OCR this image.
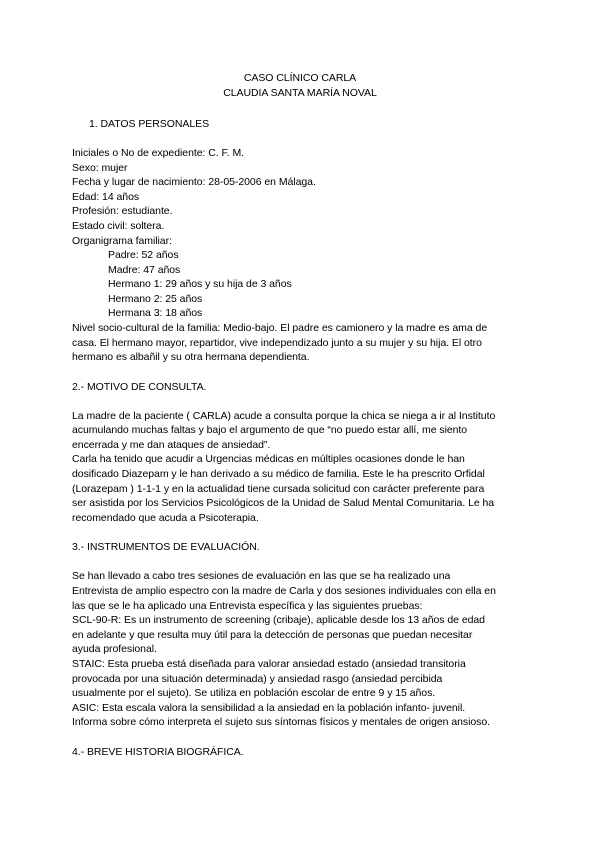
CASO CLÍNICO CARLA
CLAUDIA SANTA MARÍA NOVAL
1. DATOS PERSONALES
Iniciales o No de expediente: C. F. M.
Sexo: mujer
Fecha y lugar de nacimiento: 28-05-2006 en Málaga.
Edad: 14 años
Profesión: estudiante.
Estado civil: soltera.
Organigrama familiar:
Padre: 52 años
Madre: 47 años
Hermano 1: 29 años y su hija de 3 años
Hermano 2: 25 años
Hermana 3: 18 años
Nivel socio-cultural de la familia: Medio-bajo. El padre es camionero y la madre es ama de
casa. El hermano mayor, repartidor, vive independizado junto a su mujer y su hija. El otro
hermano es albañil y su otra hermana dependienta.
2.- MOTIVO DE CONSULTA.
La madre de la paciente ( CARLA) acude a consulta porque la chica se niega a ir al Instituto
acumulando muchas faltas y bajo el argumento de que “no puedo estar allí, me siento
encerrada y me dan ataques de ansiedad”.
Carla ha tenido que acudir a Urgencias médicas en múltiples ocasiones donde le han
dosificado Diazepam y le han derivado a su médico de familia. Este le ha prescrito Orfidal
(Lorazepam ) 1-1-1 y en la actualidad tiene cursada solicitud con carácter preferente para
ser asistida por los Servicios Psicológicos de la Unidad de Salud Mental Comunitaria. Le ha
recomendado que acuda a Psicoterapia.
3.- INSTRUMENTOS DE EVALUACIÓN.
Se han llevado a cabo tres sesiones de evaluación en las que se ha realizado una
Entrevista de amplio espectro con la madre de Carla y dos sesiones individuales con ella en
las que se le ha aplicado una Entrevista específica y las siguientes pruebas:
SCL-90-R: Es un instrumento de screening (cribaje), aplicable desde los 13 años de edad
en adelante y que resulta muy útil para la detección de personas que puedan necesitar
ayuda profesional.
STAIC: Esta prueba está diseñada para valorar ansiedad estado (ansiedad transitoria
provocada por una situación determinada) y ansiedad rasgo (ansiedad percibida
usualmente por el sujeto). Se utiliza en población escolar de entre 9 y 15 años.
ASIC: Esta escala valora la sensibilidad a la ansiedad en la población infanto- juvenil.
Informa sobre cómo interpreta el sujeto sus síntomas físicos y mentales de origen ansioso.
4.- BREVE HISTORIA BIOGRÁFICA.
